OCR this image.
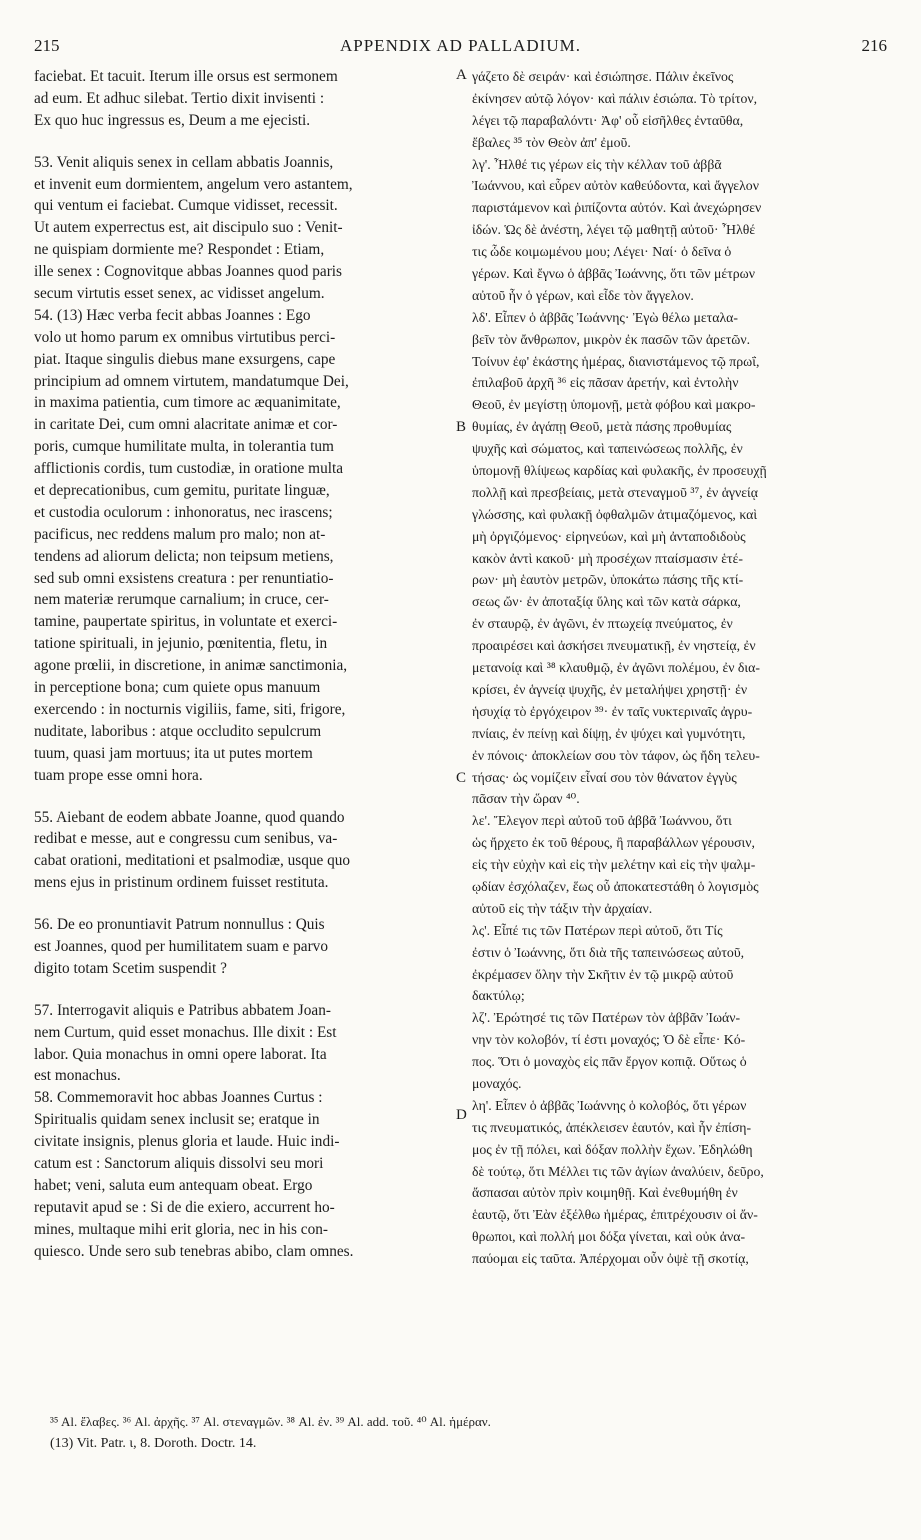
215	APPENDIX AD PALLADIUM.	216
faciebat. Et tacuit. Iterum ille orsus est sermonem
ad eum. Et adhuc silebat. Tertio dixit invisenti :
Ex quo huc ingressus es, Deum a me ejecisti.
53. Venit aliquis senex in cellam abbatis Joannis,
et invenit eum dormientem, angelum vero astantem,
qui ventum ei faciebat. Cumque vidisset, recessit.
Ut autem experrectus est, ait discipulo suo : Venit-
ne quispiam dormiente me? Respondet : Etiam,
ille senex : Cognovitque abbas Joannes quod paris
secum virtutis esset senex, ac vidisset angelum.
54. (13) Hæc verba fecit abbas Joannes : Ego
volo ut homo parum ex omnibus virtutibus perci-
piat. Itaque singulis diebus mane exsurgens, cape
principium ad omnem virtutem, mandatumque Dei,
in maxima patientia, cum timore ac æquanimitate,
in caritate Dei, cum omni alacritate animæ et cor-
poris, cumque humilitate multa, in tolerantia tum
afflictionis cordis, tum custodiæ, in oratione multa
et deprecationibus, cum gemitu, puritate linguæ,
et custodia oculorum : inhonoratus, nec irascens;
pacificus, nec reddens malum pro malo; non at-
tendens ad aliorum delicta; non teipsum metiens,
sed sub omni exsistens creatura : per renuntiatio-
nem materiæ rerumque carnalium; in cruce, cer-
tamine, paupertate spiritus, in voluntate et exerci-
tatione spirituali, in jejunio, pœnitentia, fletu, in
agone prœlii, in discretione, in animæ sanctimonia,
in perceptione bona; cum quiete opus manuum
exercendo : in nocturnis vigiliis, fame, siti, frigore,
nuditate, laboribus : atque occludito sepulcrum
tuum, quasi jam mortuus; ita ut putes mortem
tuam prope esse omni hora.
55. Aiebant de eodem abbate Joanne, quod quando
redibat e messe, aut e congressu cum senibus, va-
cabat orationi, meditationi et psalmodiæ, usque quo
mens ejus in pristinum ordinem fuisset restituta.
56. De eo pronuntiavit Patrum nonnullus : Quis
est Joannes, quod per humilitatem suam e parvo
digito totam Scetim suspendit ?
57. Interrogavit aliquis e Patribus abbatem Joan-
nem Curtum, quid esset monachus. Ille dixit : Est
labor. Quia monachus in omni opere laborat. Ita
est monachus.
58. Commemoravit hoc abbas Joannes Curtus :
Spiritualis quidam senex inclusit se; eratque in
civitate insignis, plenus gloria et laude. Huic indi-
catum est : Sanctorum aliquis dissolvi seu mori
habet; veni, saluta eum antequam obeat. Ergo
reputavit apud se : Si de die exiero, accurrent ho-
mines, multaque mihi erit gloria, nec in his con-
quiesco. Unde sero sub tenebras abibo, clam omnes.
γάζετο δὲ σειράν· καὶ ἐσιώπησε. Πάλιν ἐκεῖνος
ἐκίνησεν αὐτῷ λόγον· καὶ πάλιν ἐσιώπα. Τὸ τρίτον,
λέγει τῷ παραβαλόντι· Ἀφ' οὗ εἰσῆλθες ἐνταῦθα,
ἔβαλες ³⁵ τὸν Θεὸν ἀπ' ἐμοῦ.
λγ'. Ἦλθέ τις γέρων εἰς τὴν κέλλαν τοῦ ἀββᾶ
Ἰωάννου, καὶ εὗρεν αὐτὸν καθεύδοντα, καὶ ἄγγελον
παριστάμενον καὶ ῥιπίζοντα αὐτόν. Καὶ ἀνεχώρησεν
ἰδών. Ὡς δὲ ἀνέστη, λέγει τῷ μαθητῇ αὐτοῦ· Ἦλθέ
τις ὧδε κοιμωμένου μου; Λέγει· Ναί· ὁ δεῖνα ὁ
γέρων. Καὶ ἔγνω ὁ ἀββᾶς Ἰωάννης, ὅτι τῶν μέτρων
αὐτοῦ ἦν ὁ γέρων, καὶ εἶδε τὸν ἄγγελον.
λδ'. Εἶπεν ὁ ἀββᾶς Ἰωάννης· Ἐγὼ θέλω μεταλα-
βεῖν τὸν ἄνθρωπον, μικρὸν ἐκ πασῶν τῶν ἀρετῶν.
Τοίνυν ἐφ' ἑκάστης ἡμέρας, διανιστάμενος τῷ πρωΐ,
ἐπιλαβοῦ ἀρχῆ ³⁶ εἰς πᾶσαν ἀρετήν, καὶ ἐντολὴν
Θεοῦ, ἐν μεγίστῃ ὑπομονῇ, μετὰ φόβου καὶ μακρο-
θυμίας, ἐν ἀγάπῃ Θεοῦ, μετὰ πάσης προθυμίας
ψυχῆς καὶ σώματος, καὶ ταπεινώσεως πολλῆς, ἐν
ὑπομονῇ θλίψεως καρδίας καὶ φυλακῆς, ἐν προσευχῇ
πολλῇ καὶ πρεσβείαις, μετὰ στεναγμοῦ ³⁷, ἐν ἁγνείᾳ
γλώσσης, καὶ φυλακῇ ὀφθαλμῶν ἀτιμαζόμενος, καὶ
μὴ ὀργιζόμενος· εἰρηνεύων, καὶ μὴ ἀνταποδιδοὺς
κακὸν ἀντὶ κακοῦ· μὴ προσέχων πταίσμασιν ἑτέ-
ρων· μὴ ἑαυτὸν μετρῶν, ὑποκάτω πάσης τῆς κτί-
σεως ὤν· ἐν ἀποταξίᾳ ὕλης καὶ τῶν κατὰ σάρκα,
ἐν σταυρῷ, ἐν ἀγῶνι, ἐν πτωχείᾳ πνεύματος, ἐν
προαιρέσει καὶ ἀσκήσει πνευματικῇ, ἐν νηστείᾳ, ἐν
μετανοίᾳ καὶ ³⁸ κλαυθμῷ, ἐν ἀγῶνι πολέμου, ἐν δια-
κρίσει, ἐν ἁγνείᾳ ψυχῆς, ἐν μεταλήψει χρηστῇ· ἐν
ἡσυχίᾳ τὸ ἐργόχειρον ³⁹· ἐν ταῖς νυκτεριναῖς ἀγρυ-
πνίαις, ἐν πείνῃ καὶ δίψῃ, ἐν ψύχει καὶ γυμνότητι,
ἐν πόνοις· ἀποκλείων σου τὸν τάφον, ὡς ἤδη τελευ-
τήσας· ὡς νομίζειν εἶναί σου τὸν θάνατον ἐγγὺς
πᾶσαν τὴν ὥραν ⁴⁰.
λε'. Ἔλεγον περὶ αὐτοῦ τοῦ ἀββᾶ Ἰωάννου, ὅτι
ὡς ἤρχετο ἐκ τοῦ θέρους, ἢ παραβάλλων γέρουσιν,
εἰς τὴν εὐχὴν καὶ εἰς τὴν μελέτην καὶ εἰς τὴν ψαλμ-
ῳδίαν ἐσχόλαζεν, ἕως οὗ ἀποκατεστάθη ὁ λογισμὸς
αὐτοῦ εἰς τὴν τάξιν τὴν ἀρχαίαν.
λς'. Εἶπέ τις τῶν Πατέρων περὶ αὐτοῦ, ὅτι Τίς
ἐστιν ὁ Ἰωάννης, ὅτι διὰ τῆς ταπεινώσεως αὐτοῦ,
ἐκρέμασεν ὅλην τὴν Σκῆτιν ἐν τῷ μικρῷ αὐτοῦ
δακτύλῳ;
λζ'. Ἐρώτησέ τις τῶν Πατέρων τὸν ἀββᾶν Ἰωάν-
νην τὸν κολοβόν, τί ἐστι μοναχός; Ὁ δὲ εἶπε· Κό-
πος. Ὅτι ὁ μοναχὸς εἰς πᾶν ἔργον κοπιᾷ. Οὕτως ὁ
μοναχός.
λη'. Εἶπεν ὁ ἀββᾶς Ἰωάννης ὁ κολοβός, ὅτι γέρων
τις πνευματικός, ἀπέκλεισεν ἑαυτόν, καὶ ἦν ἐπίση-
μος ἐν τῇ πόλει, καὶ δόξαν πολλὴν ἔχων. Ἐδηλώθη
δὲ τούτῳ, ὅτι Μέλλει τις τῶν ἁγίων ἀναλύειν, δεῦρο,
ἄσπασαι αὐτὸν πρὶν κοιμηθῇ. Καὶ ἐνεθυμήθη ἐν
ἑαυτῷ, ὅτι Ἐὰν ἐξέλθω ἡμέρας, ἐπιτρέχουσιν οἱ ἄν-
θρωποι, καὶ πολλή μοι δόξα γίνεται, καὶ οὐκ ἀνα-
παύομαι εἰς ταῦτα. Ἀπέρχομαι οὖν ὀψὲ τῇ σκοτίᾳ,
A
B
C
D
³⁵ Al. ἔλαβες. ³⁶ Al. ἀρχῆς. ³⁷ Al. στεναγμῶν. ³⁸ Al. ἐν. ³⁹ Al. add. τοῦ. ⁴⁰ Al. ἡμέραν.
(13) Vit. Patr. ι, 8. Doroth. Doctr. 14.
